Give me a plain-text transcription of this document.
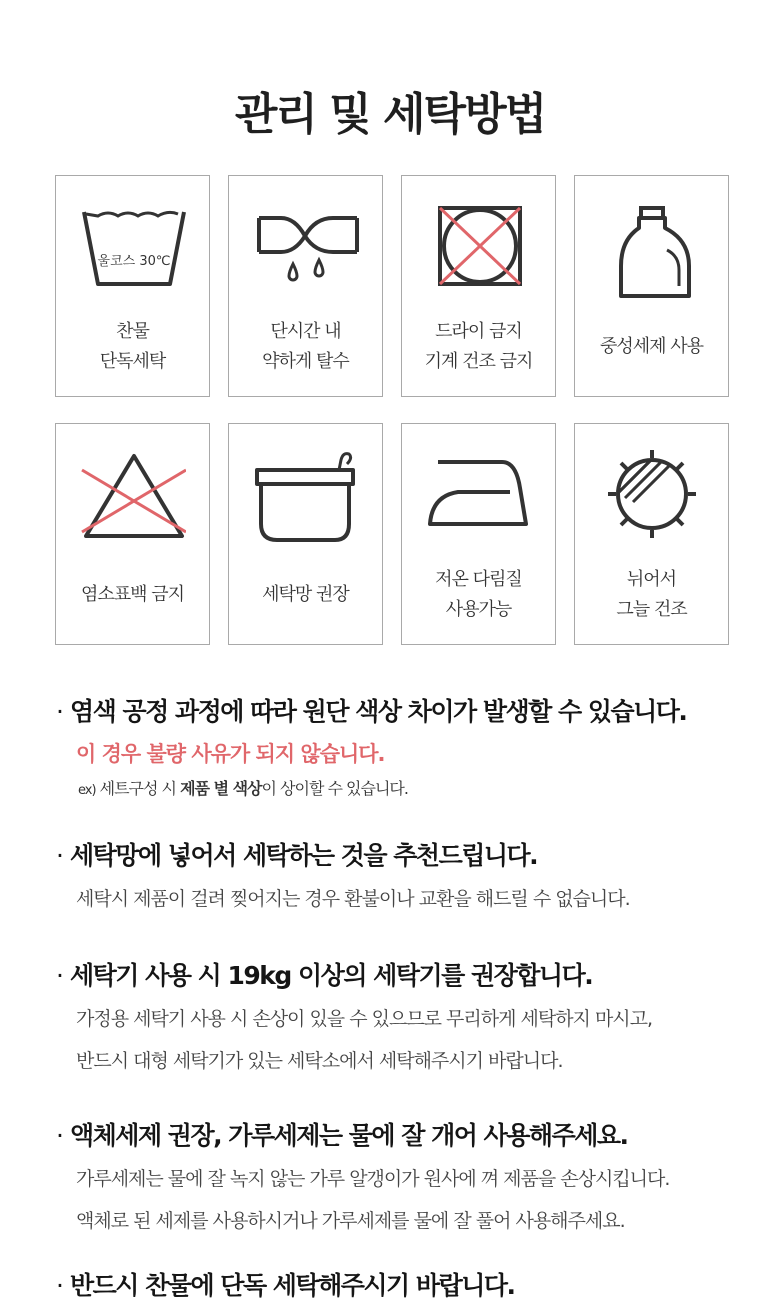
관리 및 세탁방법
울코스 30℃
찬물
단독세탁
단시간 내
약하게 탈수
드라이 금지
기계 건조 금지
중성세제 사용
염소표백 금지	세탁망 권장
저온 다림질
사용가능
뉘어서
그늘 건조
· 염색 공정 과정에 따라 원단 색상 차이가 발생할 수 있습니다.
이 경우 불량 사유가 되지 않습니다.
ex) 세트구성 시 제품 별 색상이 상이할 수 있습니다.
· 세탁망에 넣어서 세탁하는 것을 추천드립니다.
세탁시 제품이 걸려 찢어지는 경우 환불이나 교환을 해드릴 수 없습니다.
· 세탁기 사용 시 19kg 이상의 세탁기를 권장합니다.
가정용 세탁기 사용 시 손상이 있을 수 있으므로 무리하게 세탁하지 마시고,
반드시 대형 세탁기가 있는 세탁소에서 세탁해주시기 바랍니다.
· 액체세제 권장, 가루세제는 물에 잘 개어 사용해주세요.
가루세제는 물에 잘 녹지 않는 가루 알갱이가 원사에 껴 제품을 손상시킵니다.
액체로 된 세제를 사용하시거나 가루세제를 물에 잘 풀어 사용해주세요.
· 반드시 찬물에 단독 세탁해주시기 바랍니다.
